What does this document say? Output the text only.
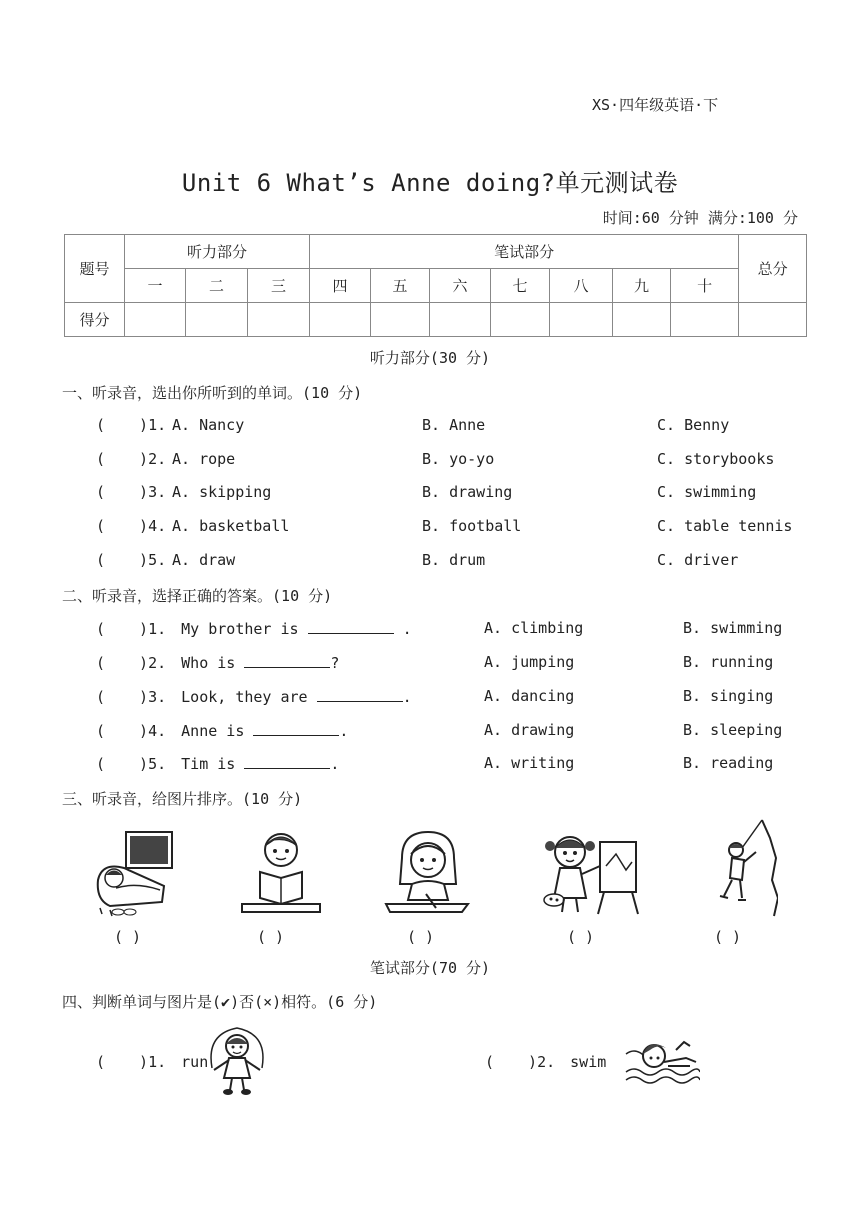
XS·四年级英语·下
Unit 6 What’s Anne doing?单元测试卷
时间:60 分钟 满分:100 分
题号	听力部分			笔试部分							总分
	一	二	三	四	五	六	七	八	九	十	
得分											
听力部分(30 分)
一、听录音，选出你所听到的单词。(10 分)
( )1. A. Nancy	B. Anne	C. Benny
( )2. A. rope	B. yo-yo	C. storybooks
( )3. A. skipping	B. drawing	C. swimming
( )4. A. basketball	B. football	C. table tennis
( )5. A. draw	B. drum	C. driver
二、听录音，选择正确的答案。(10 分)
( )1. My brother is	.	A. climbing	B. swimming
( )2. Who is	?	A. jumping	B. running
( )3. Look, they are	.	A. dancing	B. singing
( )4. Anne is	.	A. drawing	B. sleeping
( )5. Tim is	.	A. writing	B. reading
三、听录音，给图片排序。(10 分)
( )	( )	( )	( )	( )
笔试部分(70 分)
四、判断单词与图片是(✔)否(×)相符。(6 分)
( )1. run	( )2. swim
